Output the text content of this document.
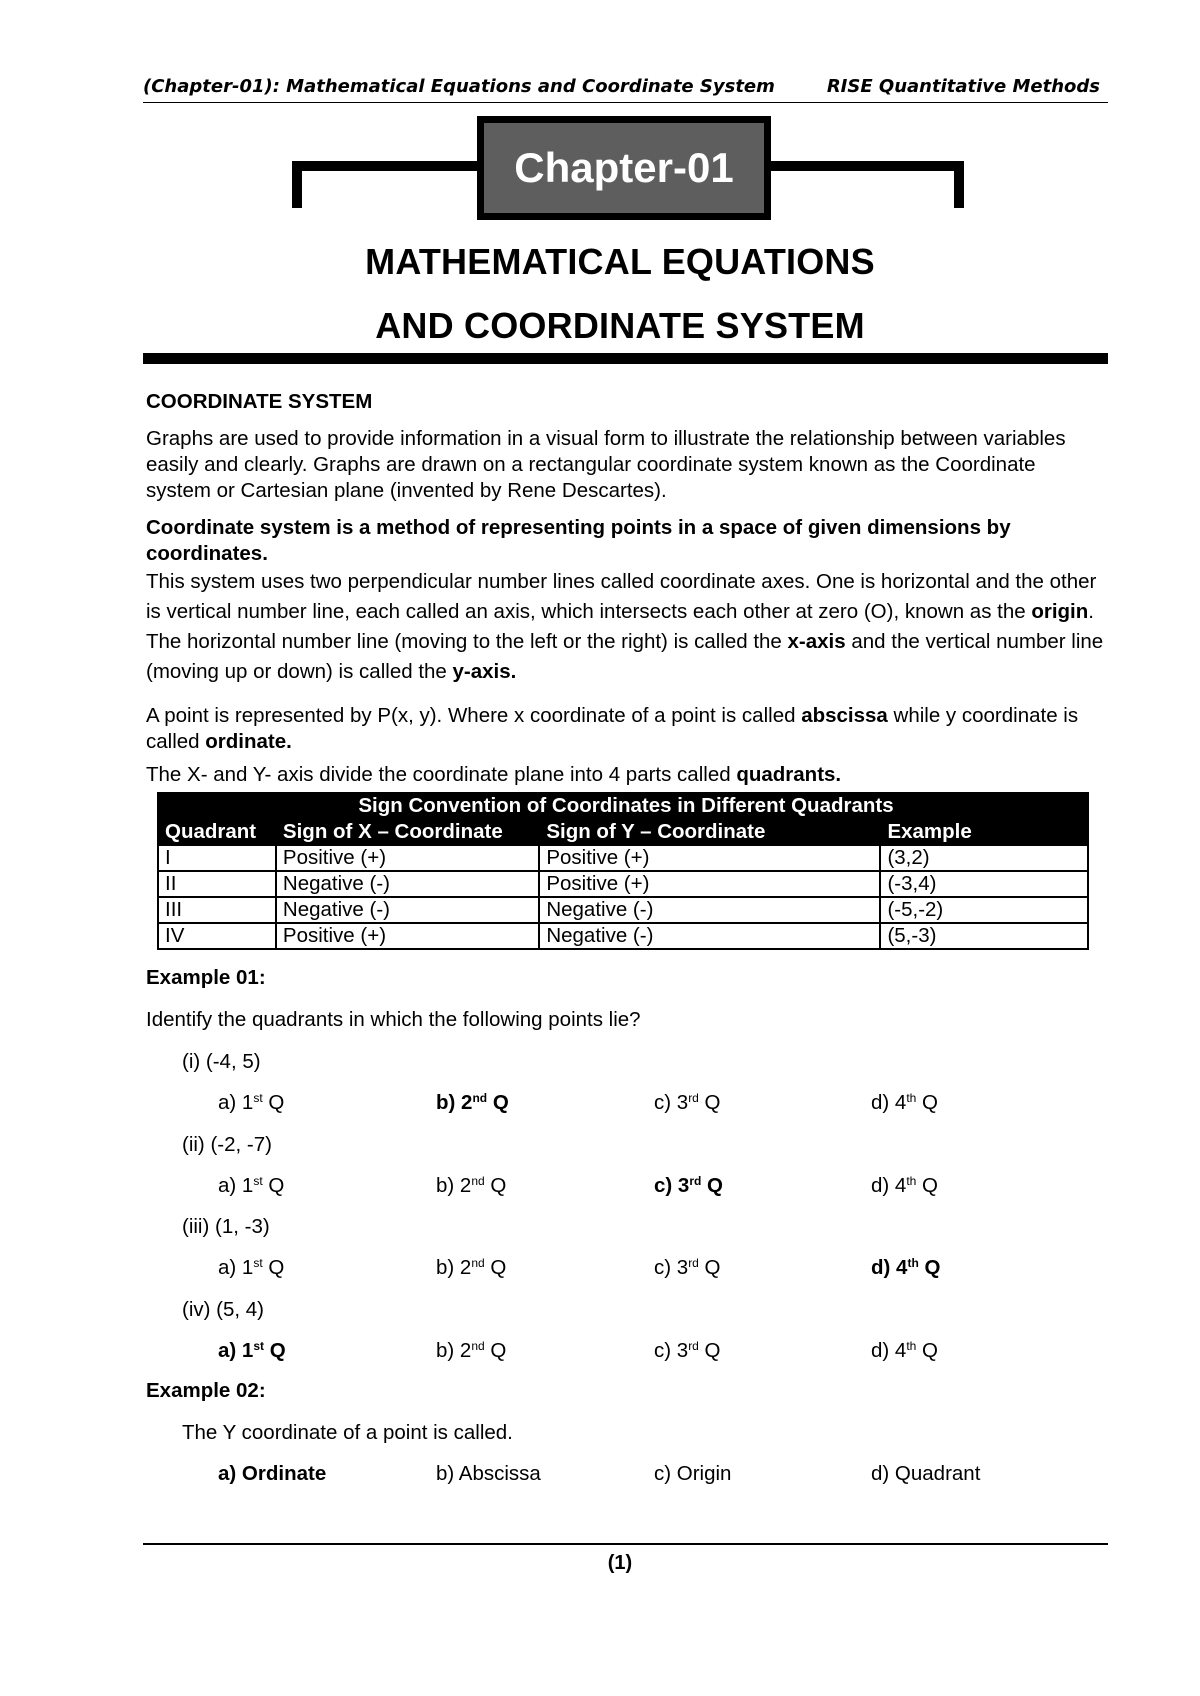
(Chapter-01): Mathematical Equations and Coordinate System	RISE Quantitative Methods
Chapter-01
MATHEMATICAL EQUATIONS
AND COORDINATE SYSTEM
COORDINATE SYSTEM
Graphs are used to provide information in a visual form to illustrate the relationship between variables easily and clearly. Graphs are drawn on a rectangular coordinate system known as the Coordinate system or Cartesian plane (invented by Rene Descartes).
Coordinate system is a method of representing points in a space of given dimensions by coordinates.
This system uses two perpendicular number lines called coordinate axes. One is horizontal and the other is vertical number line, each called an axis, which intersects each other at zero (O), known as the origin. The horizontal number line (moving to the left or the right) is called the x-axis and the vertical number line (moving up or down) is called the y-axis.
A point is represented by P(x, y). Where x coordinate of a point is called abscissa while y coordinate is called ordinate.
The X- and Y- axis divide the coordinate plane into 4 parts called quadrants.
Sign Convention of Coordinates in Different Quadrants			
Quadrant	Sign of X – Coordinate	Sign of Y – Coordinate	Example
I	Positive (+)	Positive (+)	(3,2)
II	Negative (-)	Positive (+)	(-3,4)
III	Negative (-)	Negative (-)	(-5,-2)
IV	Positive (+)	Negative (-)	(5,-3)
Example 01:
Identify the quadrants in which the following points lie?
(i) (-4, 5)
a) 1st Q	b) 2nd Q	c) 3rd Q	d) 4th Q
(ii) (-2, -7)
a) 1st Q	b) 2nd Q	c) 3rd Q	d) 4th Q
(iii) (1, -3)
a) 1st Q	b) 2nd Q	c) 3rd Q	d) 4th Q
(iv) (5, 4)
a) 1st Q	b) 2nd Q	c) 3rd Q	d) 4th Q
Example 02:
The Y coordinate of a point is called.
a) Ordinate	b) Abscissa	c) Origin	d) Quadrant
(1)
